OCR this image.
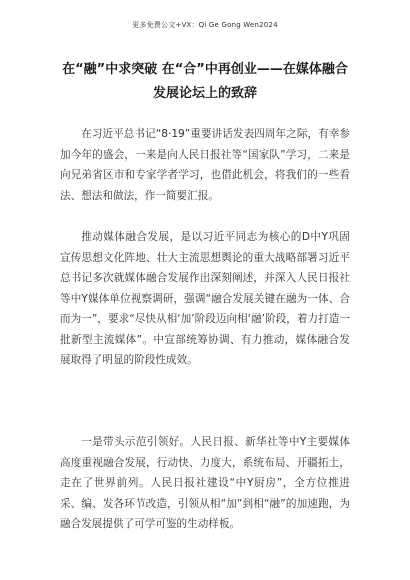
更多免费公文+VX：Qi Ge Gong Wen2024
在“融”中求突破 在“合”中再创业——在媒体融合发展论坛上的致辞

在习近平总书记“8·19”重要讲话发表四周年之际，有幸参加今年的盛会，一来是向人民日报社等“国家队”学习，二来是向兄弟省区市和专家学者学习，也借此机会，将我们的一些看法、想法和做法，作一简要汇报。

推动媒体融合发展，是以习近平同志为核心的D中Y巩固宣传思想文化阵地、壮大主流思想舆论的重大战略部署习近平总书记多次就媒体融合发展作出深刻阐述，并深入人民日报社等中Y媒体单位视察调研，强调“融合发展关键在融为一体、合而为一”，要求“尽快从相‘加’阶段迈向相‘融’阶段，着力打造一批新型主流媒体”。中宣部统筹协调、有力推动，媒体融合发展取得了明显的阶段性成效。

一是带头示范引领好。人民日报、新华社等中Y主要媒体高度重视融合发展，行动快、力度大，系统布局、开疆拓土，走在了世界前列。人民日报社建设“中Y厨房”，全方位推进采、编、发各环节改造，引领从相“加”到相“融”的加速跑，为融合发展提供了可学可鉴的生动样板。
